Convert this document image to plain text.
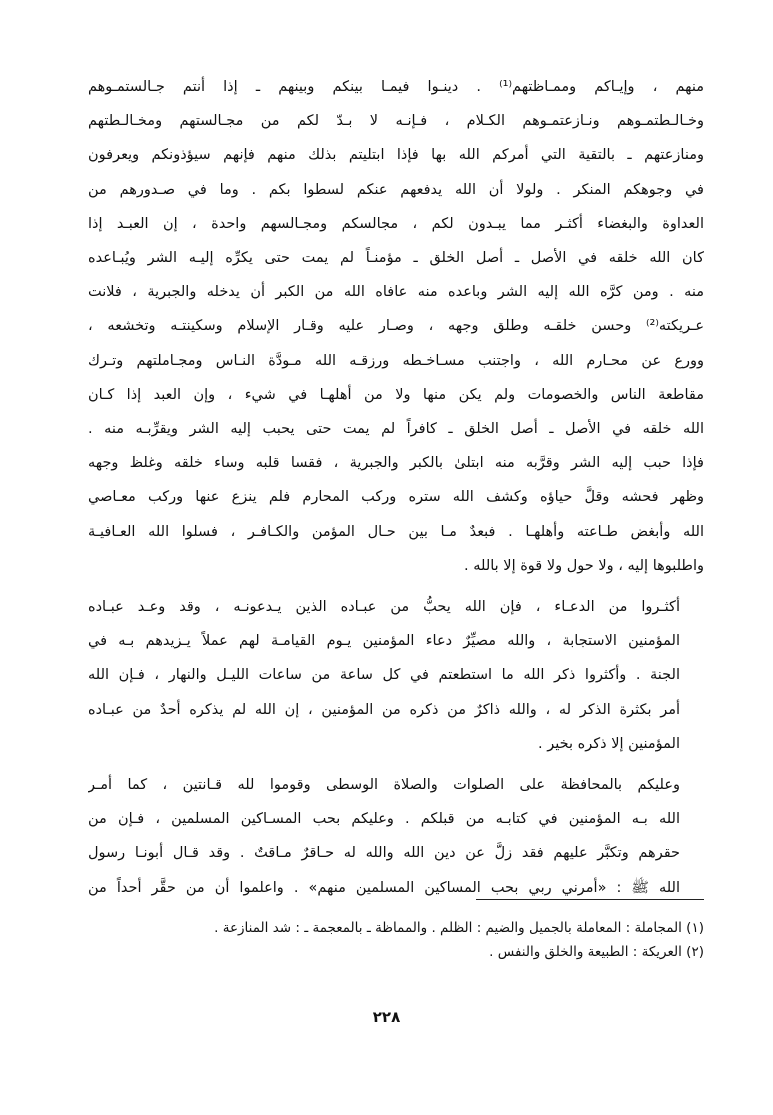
منهم ، وإيـاكم وممـاظتهم⁽¹⁾ . دينـوا فيمـا بينكم وبينهم ـ إذا أنتم جـالستمـوهم
وخـالـطتمـوهم ونـازعتمـوهم الكـلام ، فـإنـه لا بـدّ لكم من مجـالستهم ومخـالـطتهم
ومنازعتهم ـ بالتقية التي أمركم الله بها فإذا ابتليتم بذلك منهم فإنهم سيؤذونكم ويعرفون
في وجوهكم المنكر . ولولا أن الله يدفعهم عنكم لسطوا بكم . وما في صـدورهم من
العداوة والبغضاء أكثـر مما يبـدون لكم ، مجالسكم ومجـالسهم واحدة ، إن العبـد إذا
كان الله خلقه في الأصل ـ أصل الخلق ـ مؤمنـاً لم يمت حتى يكرِّه إليـه الشر ويُبـاعده
منه . ومن كرَّه الله إليه الشر وباعده منه عافاه الله من الكبر أن يدخله والجبرية ، فلانت
عـريكته⁽²⁾ وحسن خلقـه وطلق وجهه ، وصـار عليه وقـار الإسلام وسكينتـه وتخشعه ،
وورع عن محـارم الله ، واجتنب مسـاخـطه ورزقـه الله مـودَّة النـاس ومجـاملتهم وتـرك
مقاطعة الناس والخصومات ولم يكن منها ولا من أهلهـا في شيء ، وإن العبد إذا كـان
الله خلقه في الأصل ـ أصل الخلق ـ كافراً لم يمت حتى يحبب إليه الشر ويقرِّبـه منه .
فإذا حبب إليه الشر وقرَّبه منه ابتلىٰ بالكبر والجبرية ، فقسا قلبه وساء خلقه وغلظ وجهه
وظهر فحشه وقلَّ حياؤه وكشف الله ستره وركب المحارم فلم ينزع عنها وركب معـاصي
الله وأبغض طـاعته وأهلهـا . فبعدٌ مـا بين حـال المؤمن والكـافـر ، فسلوا الله العـافيـة
واطلبوها إليه ، ولا حول ولا قوة إلا بالله .

أكثـروا من الدعـاء ، فإن الله يحبُّ من عبـاده الذين يـدعونـه ، وقد وعـد عبـاده
المؤمنين الاستجابة ، والله مصيِّرٌ دعاء المؤمنين يـوم القيامـة لهم عملاً يـزيدهم بـه في
الجنة . وأكثروا ذكر الله ما استطعتم في كل ساعة من ساعات الليـل والنهار ، فـإن الله
أمر بكثرة الذكر له ، والله ذاكرٌ من ذكره من المؤمنين ، إن الله لم يذكره أحدٌ من عبـاده
المؤمنين إلا ذكره بخير .

وعليكم بالمحافظة على الصلوات والصلاة الوسطى وقوموا لله قـانتين ، كما أمـر
الله بـه المؤمنين في كتابـه من قبلكم . وعليكم بحب المسـاكين المسلمين ، فـإن من
حقرهم وتكبَّر عليهم فقد زلَّ عن دين الله والله له حـاقرٌ مـاقتٌ . وقد قـال أبونـا رسول
الله ﷺ : «أمرني ربي بحب المساكين المسلمين منهم» . واعلموا أن من حقَّر أحداً من

(١) المجاملة : المعاملة بالجميل والضيم : الظلم . والمماظة ـ بالمعجمة ـ : شد المنازعة .
(٢) العريكة : الطبيعة والخلق والنفس .
٢٢٨
